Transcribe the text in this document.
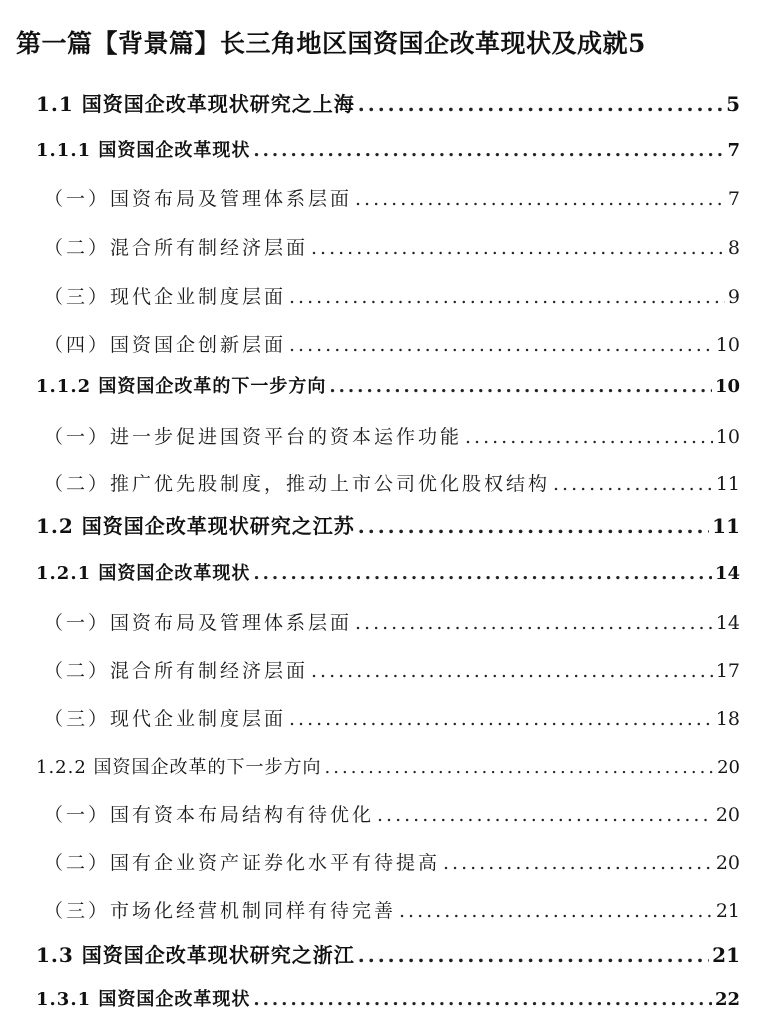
第一篇【背景篇】长三角地区国资国企改革现状及成就5
1.1 国资国企改革现状研究之上海 .....	5
1.1.1 国资国企改革现状 .....	7
（一）国资布局及管理体系层面 .....	7
（二）混合所有制经济层面 .....	8
（三）现代企业制度层面 .....	9
（四）国资国企创新层面 .....	10
1.1.2 国资国企改革的下一步方向 .....	10
（一）进一步促进国资平台的资本运作功能 .....	10
（二）推广优先股制度，推动上市公司优化股权结构 .....	11
1.2 国资国企改革现状研究之江苏 .....	11
1.2.1 国资国企改革现状 .....	14
（一）国资布局及管理体系层面 .....	14
（二）混合所有制经济层面 .....	17
（三）现代企业制度层面 .....	18
1.2.2 国资国企改革的下一步方向 .....	20
（一）国有资本布局结构有待优化 .....	20
（二）国有企业资产证券化水平有待提高 .....	20
（三）市场化经营机制同样有待完善 .....	21
1.3 国资国企改革现状研究之浙江 .....	21
1.3.1 国资国企改革现状 .....	22
